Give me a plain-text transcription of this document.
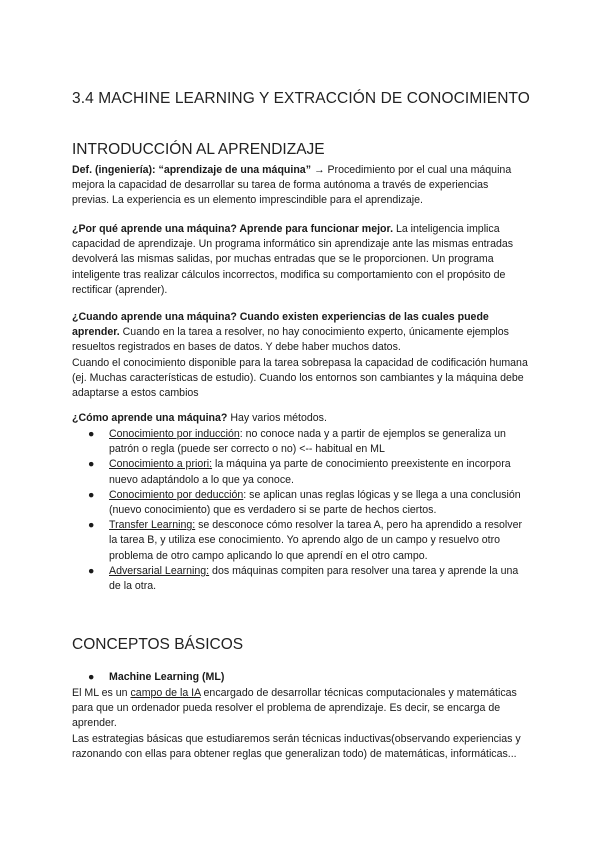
3.4 MACHINE LEARNING Y EXTRACCIÓN DE CONOCIMIENTO
INTRODUCCIÓN AL APRENDIZAJE

Def. (ingeniería): “aprendizaje de una máquina” → Procedimiento por el cual una máquina mejora la capacidad de desarrollar su tarea de forma autónoma a través de experiencias previas. La experiencia es un elemento imprescindible para el aprendizaje.

¿Por qué aprende una máquina? Aprende para funcionar mejor. La inteligencia implica capacidad de aprendizaje. Un programa informático sin aprendizaje ante las mismas entradas devolverá las mismas salidas, por muchas entradas que se le proporcionen. Un programa inteligente tras realizar cálculos incorrectos, modifica su comportamiento con el propósito de rectificar (aprender).

¿Cuando aprende una máquina? Cuando existen experiencias de las cuales puede aprender. Cuando en la tarea a resolver, no hay conocimiento experto, únicamente ejemplos resueltos registrados en bases de datos. Y debe haber muchos datos.
Cuando el conocimiento disponible para la tarea sobrepasa la capacidad de codificación humana (ej. Muchas características de estudio). Cuando los entornos son cambiantes y la máquina debe adaptarse a estos cambios

¿Cómo aprende una máquina? Hay varios métodos.

● Conocimiento por inducción: no conoce nada y a partir de ejemplos se generaliza un patrón o regla (puede ser correcto o no) <-- habitual en ML
● Conocimiento a priori: la máquina ya parte de conocimiento preexistente en incorpora nuevo adaptándolo a lo que ya conoce.
● Conocimiento por deducción: se aplican unas reglas lógicas y se llega a una conclusión (nuevo conocimiento) que es verdadero si se parte de hechos ciertos.
● Transfer Learning: se desconoce cómo resolver la tarea A, pero ha aprendido a resolver la tarea B, y utiliza ese conocimiento. Yo aprendo algo de un campo y resuelvo otro problema de otro campo aplicando lo que aprendí en el otro campo.
● Adversarial Learning: dos máquinas compiten para resolver una tarea y aprende la una de la otra.
CONCEPTOS BÁSICOS
● Machine Learning (ML)

El ML es un campo de la IA encargado de desarrollar técnicas computacionales y matemáticas para que un ordenador pueda resolver el problema de aprendizaje. Es decir, se encarga de aprender.
Las estrategias básicas que estudiaremos serán técnicas inductivas(observando experiencias y razonando con ellas para obtener reglas que generalizan todo) de matemáticas, informáticas...
